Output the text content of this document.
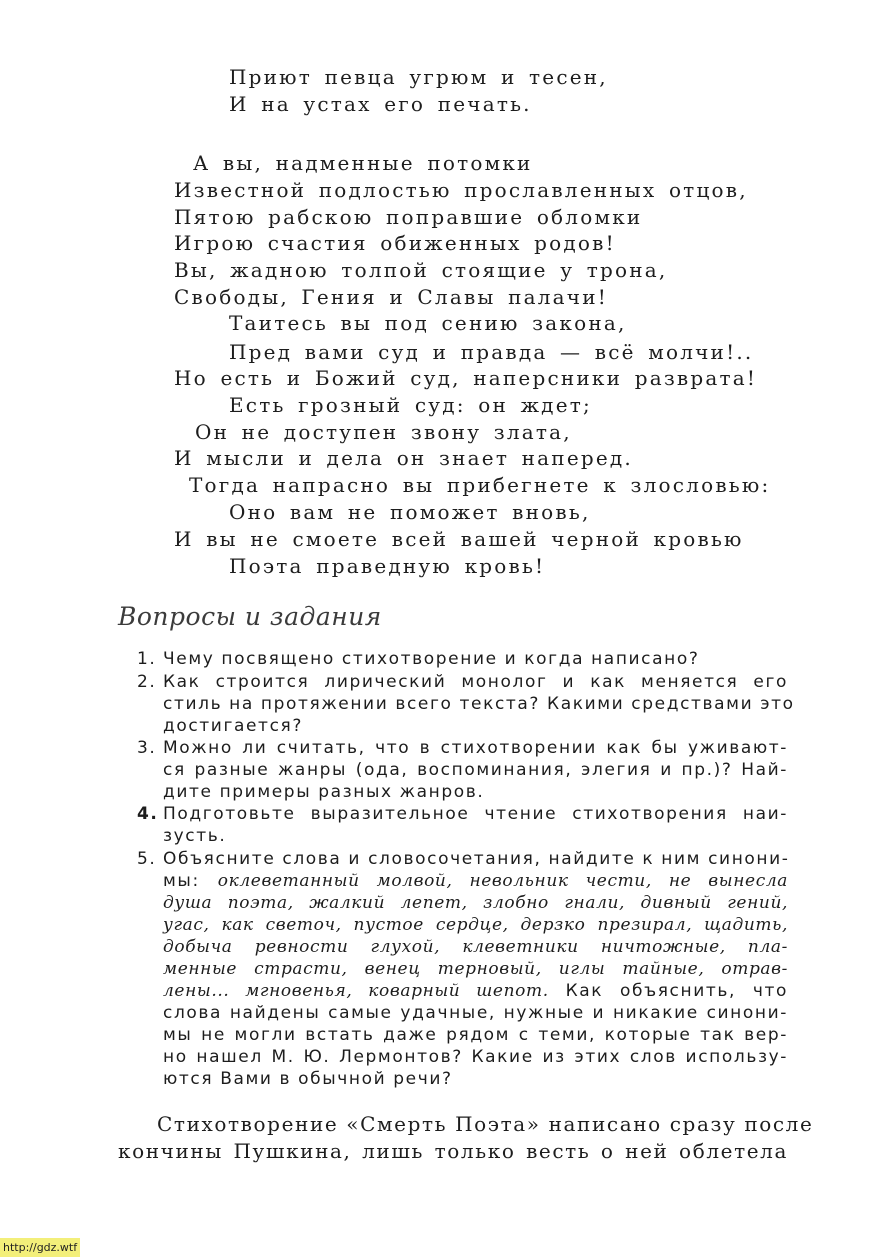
Приют певца угрюм и тесен,
И на устах его печать.
А вы, надменные потомки
Известной подлостью прославленных отцов,
Пятою рабскою поправшие обломки
Игрою счастия обиженных родов!
Вы, жадною толпой стоящие у трона,
Свободы, Гения и Славы палачи!
Таитесь вы под сению закона,
Пред вами суд и правда — всё молчи!..
Но есть и Божий суд, наперсники разврата!
Есть грозный суд: он ждет;
Он не доступен звону злата,
И мысли и дела он знает наперед.
Тогда напрасно вы прибегнете к злословью:
Оно вам не поможет вновь,
И вы не смоете всей вашей черной кровью
Поэта праведную кровь!
Вопросы и задания
1. Чему посвящено стихотворение и когда написано?
2. Как строится лирический монолог и как меняется его
стиль на протяжении всего текста? Какими средствами это
достигается?
3. Можно ли считать, что в стихотворении как бы уживают-
ся разные жанры (ода, воспоминания, элегия и пр.)? Най-
дите примеры разных жанров.
4. Подготовьте выразительное чтение стихотворения наи-
зусть.
5. Объясните слова и словосочетания, найдите к ним синони-
мы: оклеветанный молвой, невольник чести, не вынесла
душа поэта, жалкий лепет, злобно гнали, дивный гений,
угас, как светоч, пустое сердце, дерзко презирал, щадить,
добыча ревности глухой, клеветники ничтожные, пла-
менные страсти, венец терновый, иглы тайные, отрав-
лены... мгновенья, коварный шепот. Как объяснить, что
слова найдены самые удачные, нужные и никакие синони-
мы не могли встать даже рядом с теми, которые так вер-
но нашел М. Ю. Лермонтов? Какие из этих слов использу-
ются Вами в обычной речи?
Стихотворение «Смерть Поэта» написано сразу после
кончины Пушкина, лишь только весть о ней облетела
http://gdz.wtf
